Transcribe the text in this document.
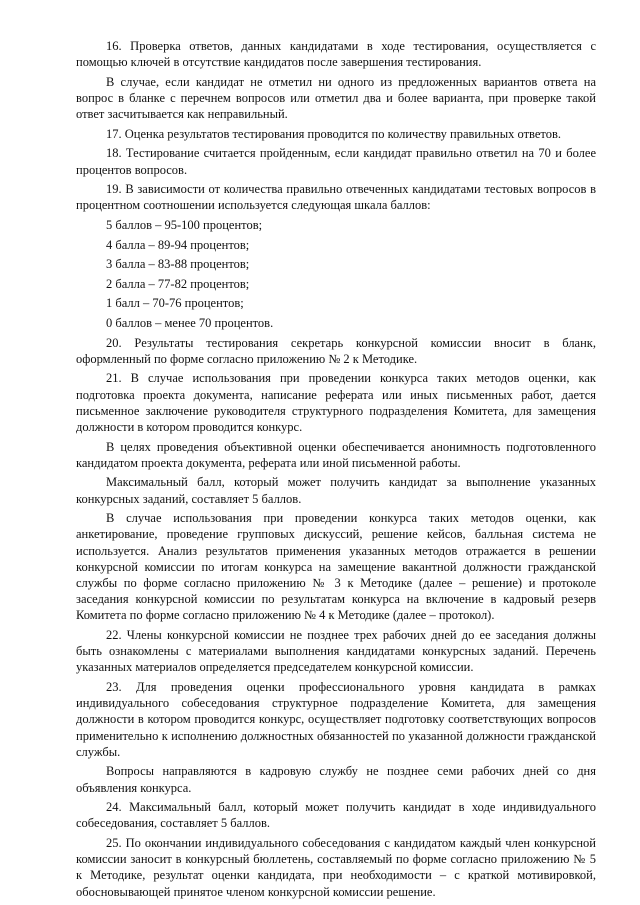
16. Проверка ответов, данных кандидатами в ходе тестирования, осуществляется с помощью ключей в отсутствие кандидатов после завершения тестирования.

В случае, если кандидат не отметил ни одного из предложенных вариантов ответа на вопрос в бланке с перечнем вопросов или отметил два и более варианта, при проверке такой ответ засчитывается как неправильный.

17. Оценка результатов тестирования проводится по количеству правильных ответов.

18. Тестирование считается пройденным, если кандидат правильно ответил на 70 и более процентов вопросов.

19. В зависимости от количества правильно отвеченных кандидатами тестовых вопросов в процентном соотношении используется следующая шкала баллов:

5 баллов – 95-100 процентов;

4 балла – 89-94 процентов;

3 балла – 83-88 процентов;

2 балла – 77-82 процентов;

1 балл – 70-76 процентов;

0 баллов – менее 70 процентов.

20. Результаты тестирования секретарь конкурсной комиссии вносит в бланк, оформленный по форме согласно приложению № 2 к Методике.

21. В случае использования при проведении конкурса таких методов оценки, как подготовка проекта документа, написание реферата или иных письменных работ, дается письменное заключение руководителя структурного подразделения Комитета, для замещения должности в котором проводится конкурс.

В целях проведения объективной оценки обеспечивается анонимность подготовленного кандидатом проекта документа, реферата или иной письменной работы.

Максимальный балл, который может получить кандидат за выполнение указанных конкурсных заданий, составляет 5 баллов.

В случае использования при проведении конкурса таких методов оценки, как анкетирование, проведение групповых дискуссий, решение кейсов, балльная система не используется. Анализ результатов применения указанных методов отражается в решении конкурсной комиссии по итогам конкурса на замещение вакантной должности гражданской службы по форме согласно приложению № 3 к Методике (далее – решение) и протоколе заседания конкурсной комиссии по результатам конкурса на включение в кадровый резерв Комитета по форме согласно приложению № 4 к Методике (далее – протокол).

22. Члены конкурсной комиссии не позднее трех рабочих дней до ее заседания должны быть ознакомлены с материалами выполнения кандидатами конкурсных заданий. Перечень указанных материалов определяется председателем конкурсной комиссии.

23. Для проведения оценки профессионального уровня кандидата в рамках индивидуального собеседования структурное подразделение Комитета, для замещения должности в котором проводится конкурс, осуществляет подготовку соответствующих вопросов применительно к исполнению должностных обязанностей по указанной должности гражданской службы.

Вопросы направляются в кадровую службу не позднее семи рабочих дней со дня объявления конкурса.

24. Максимальный балл, который может получить кандидат в ходе индивидуального собеседования, составляет 5 баллов.

25. По окончании индивидуального собеседования с кандидатом каждый член конкурсной комиссии заносит в конкурсный бюллетень, составляемый по форме согласно приложению № 5 к Методике, результат оценки кандидата, при необходимости – с краткой мотивировкой, обосновывающей принятое членом конкурсной комиссии решение.
